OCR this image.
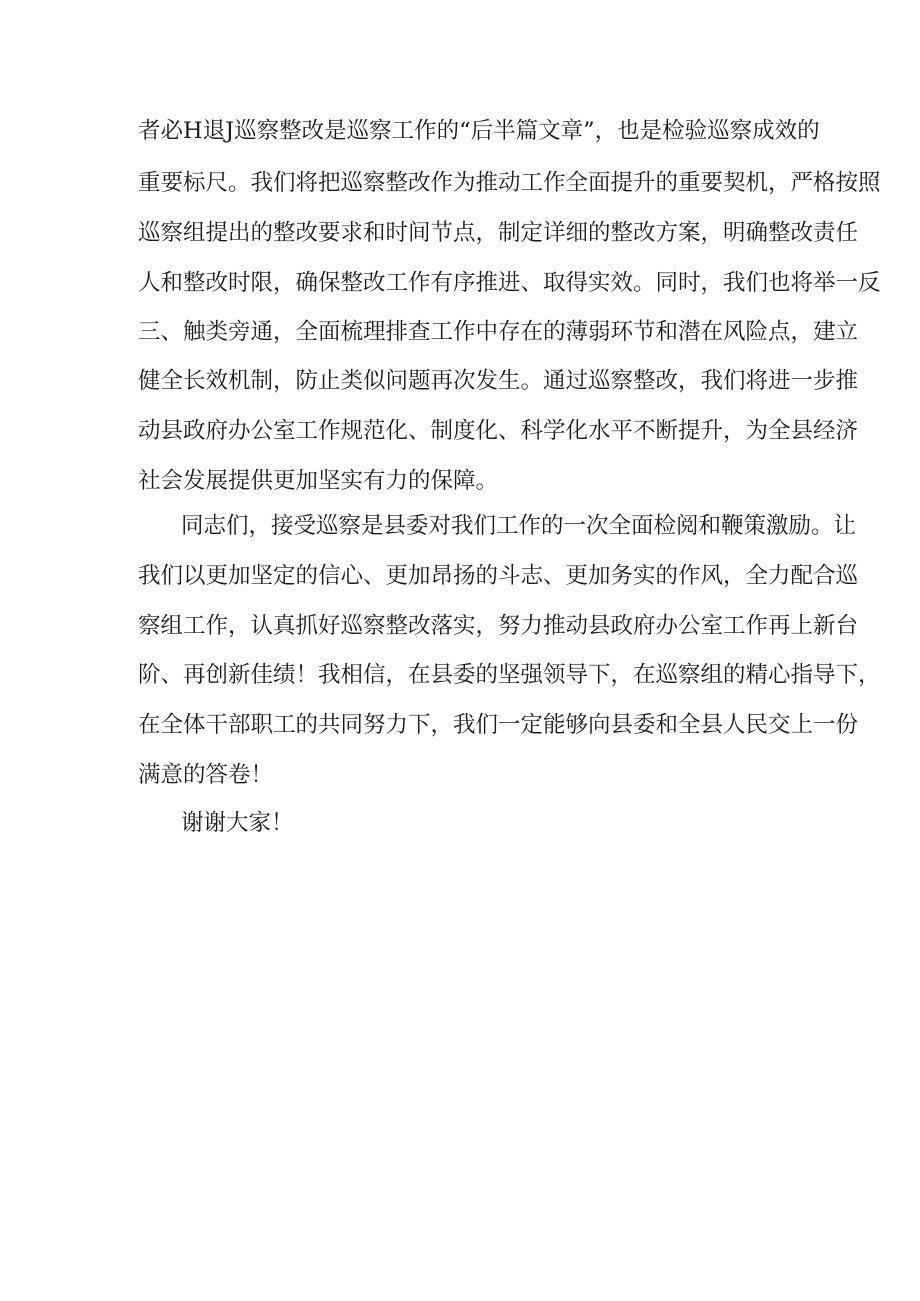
者必H退J巡察整改是巡察工作的“后半篇文章”，也是检验巡察成效的
重要标尺。我们将把巡察整改作为推动工作全面提升的重要契机，严格按照
巡察组提出的整改要求和时间节点，制定详细的整改方案，明确整改责任
人和整改时限，确保整改工作有序推进、取得实效。同时，我们也将举一反
三、触类旁通，全面梳理排查工作中存在的薄弱环节和潜在风险点，建立
健全长效机制，防止类似问题再次发生。通过巡察整改，我们将进一步推
动县政府办公室工作规范化、制度化、科学化水平不断提升，为全县经济
社会发展提供更加坚实有力的保障。
同志们，接受巡察是县委对我们工作的一次全面检阅和鞭策激励。让
我们以更加坚定的信心、更加昂扬的斗志、更加务实的作风，全力配合巡
察组工作，认真抓好巡察整改落实，努力推动县政府办公室工作再上新台
阶、再创新佳绩！我相信，在县委的坚强领导下，在巡察组的精心指导下，
在全体干部职工的共同努力下，我们一定能够向县委和全县人民交上一份
满意的答卷！
谢谢大家！
